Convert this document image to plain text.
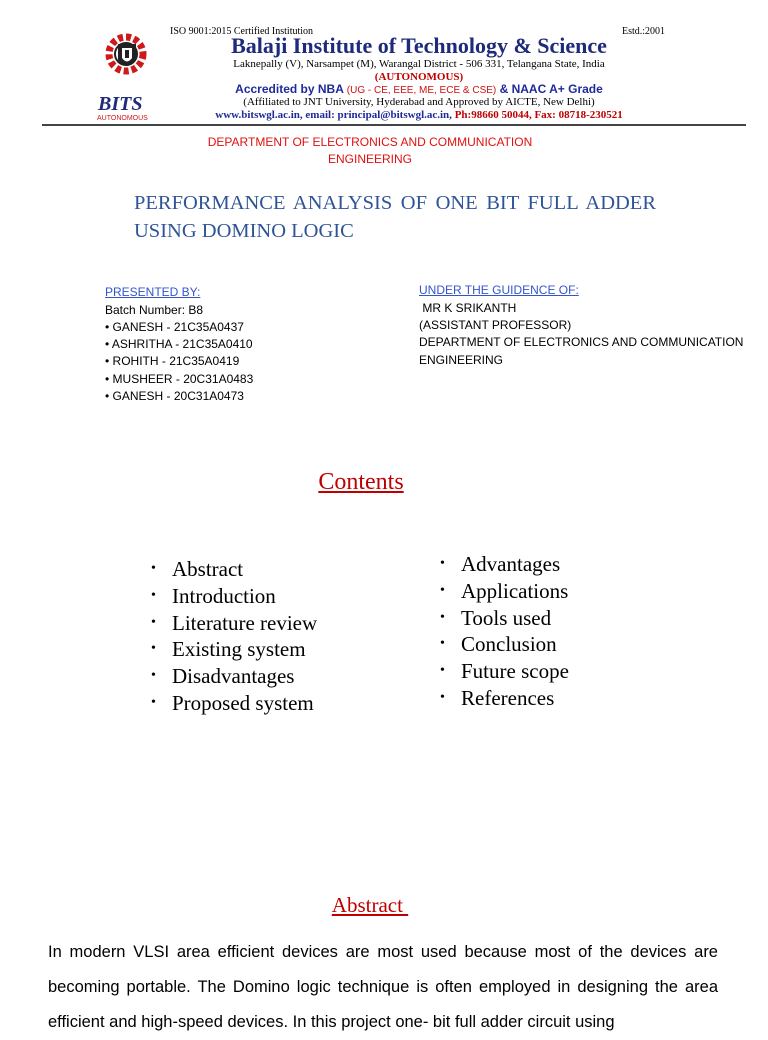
BITS
AUTONOMOUS
ISO 9001:2015 Certified Institution	Estd.:2001
Balaji Institute of Technology & Science
Laknepally (V), Narsampet (M), Warangal District - 506 331, Telangana State, India
(AUTONOMOUS)
Accredited by NBA (UG - CE, EEE, ME, ECE & CSE) & NAAC A+ Grade
(Affiliated to JNT University, Hyderabad and Approved by AICTE, New Delhi)
www.bitswgl.ac.in, email: principal@bitswgl.ac.in, Ph:98660 50044, Fax: 08718-230521
DEPARTMENT OF ELECTRONICS AND COMMUNICATION ENGINEERING
PERFORMANCE ANALYSIS OF ONE BIT FULL ADDER USING DOMINO LOGIC
PRESENTED BY:
Batch Number: B8
• GANESH - 21C35A0437
• ASHRITHA - 21C35A0410
• ROHITH - 21C35A0419
• MUSHEER - 20C31A0483
• GANESH - 20C31A0473
UNDER THE GUIDENCE OF:
MR K SRIKANTH
(ASSISTANT PROFESSOR)
DEPARTMENT OF ELECTRONICS AND COMMUNICATION ENGINEERING
Contents
• Abstract
• Introduction
• Literature review
• Existing system
• Disadvantages
• Proposed system
• Advantages
• Applications
• Tools used
• Conclusion
• Future scope
• References
Abstract
In modern VLSI area efficient devices are most used because most of the devices are becoming portable. The Domino logic technique is often employed in designing the area efficient and high-speed devices. In this project one- bit full adder circuit using
